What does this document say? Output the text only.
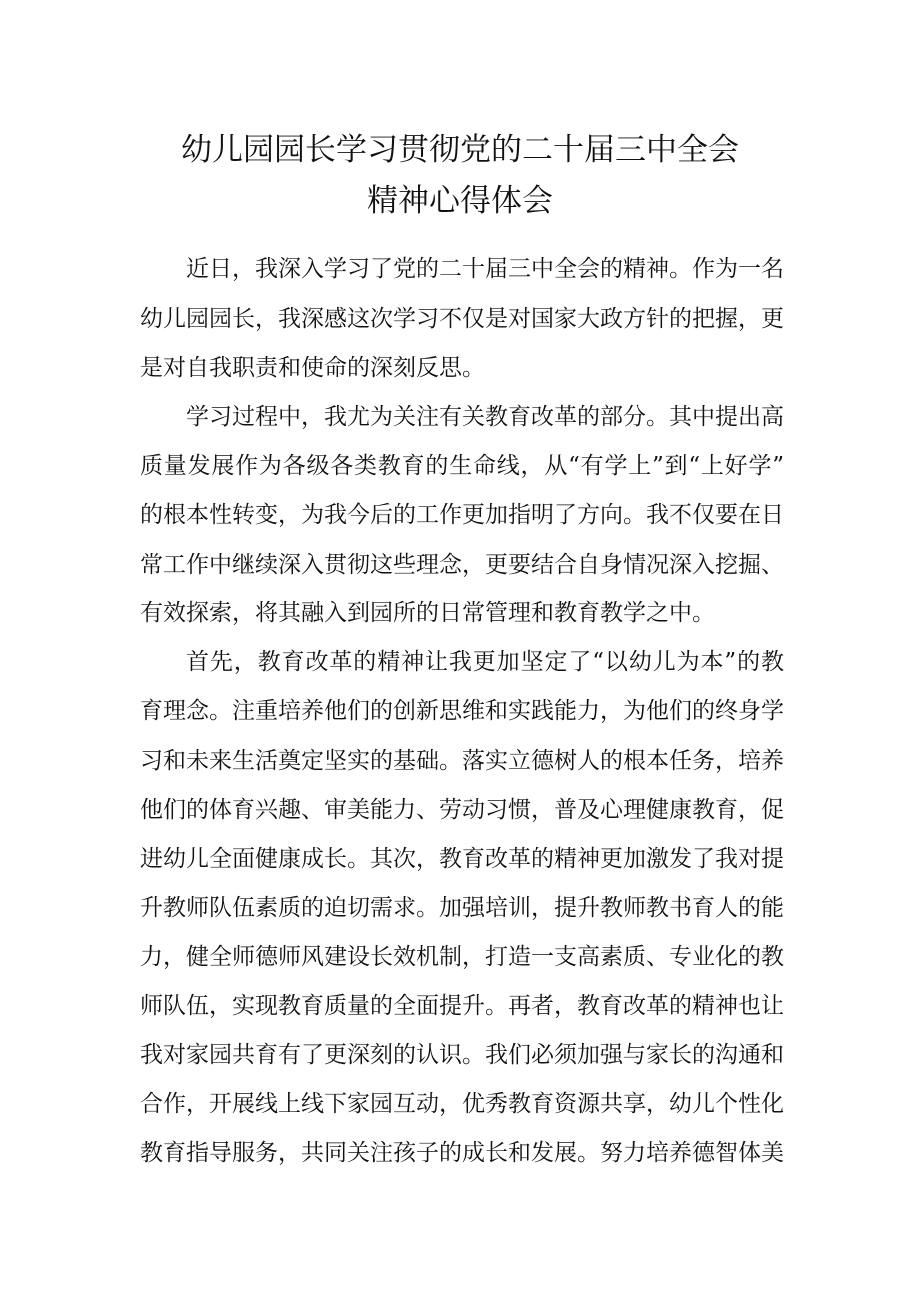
幼儿园园长学习贯彻党的二十届三中全会
精神心得体会

近日，我深入学习了党的二十届三中全会的精神。作为一名

幼儿园园长，我深感这次学习不仅是对国家大政方针的把握，更

是对自我职责和使命的深刻反思。

学习过程中，我尤为关注有关教育改革的部分。其中提出高

质量发展作为各级各类教育的生命线，从“有学上”到“上好学”

的根本性转变，为我今后的工作更加指明了方向。我不仅要在日

常工作中继续深入贯彻这些理念，更要结合自身情况深入挖掘、

有效探索，将其融入到园所的日常管理和教育教学之中。

首先，教育改革的精神让我更加坚定了“以幼儿为本”的教

育理念。注重培养他们的创新思维和实践能力，为他们的终身学

习和未来生活奠定坚实的基础。落实立德树人的根本任务，培养

他们的体育兴趣、审美能力、劳动习惯，普及心理健康教育，促

进幼儿全面健康成长。其次，教育改革的精神更加激发了我对提

升教师队伍素质的迫切需求。加强培训，提升教师教书育人的能

力，健全师德师风建设长效机制，打造一支高素质、专业化的教

师队伍，实现教育质量的全面提升。再者，教育改革的精神也让

我对家园共育有了更深刻的认识。我们必须加强与家长的沟通和

合作，开展线上线下家园互动，优秀教育资源共享，幼儿个性化

教育指导服务，共同关注孩子的成长和发展。努力培养德智体美
